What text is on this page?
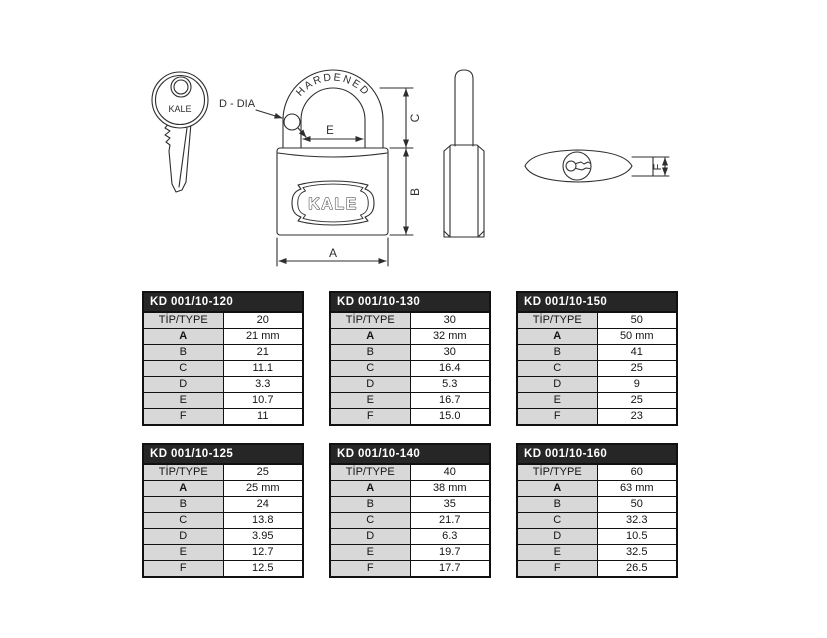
KALE
HARDENED
KALE
D - DIA
E
C
B
A
F
KD 001/10-120	
TİP/TYPE	20
A	21 mm
B	21
C	11.1
D	3.3
E	10.7
F	11
KD 001/10-130	
TİP/TYPE	30
A	32 mm
B	30
C	16.4
D	5.3
E	16.7
F	15.0
KD 001/10-150	
TİP/TYPE	50
A	50 mm
B	41
C	25
D	9
E	25
F	23
KD 001/10-125	
TİP/TYPE	25
A	25 mm
B	24
C	13.8
D	3.95
E	12.7
F	12.5
KD 001/10-140	
TİP/TYPE	40
A	38 mm
B	35
C	21.7
D	6.3
E	19.7
F	17.7
KD 001/10-160	
TİP/TYPE	60
A	63 mm
B	50
C	32.3
D	10.5
E	32.5
F	26.5
